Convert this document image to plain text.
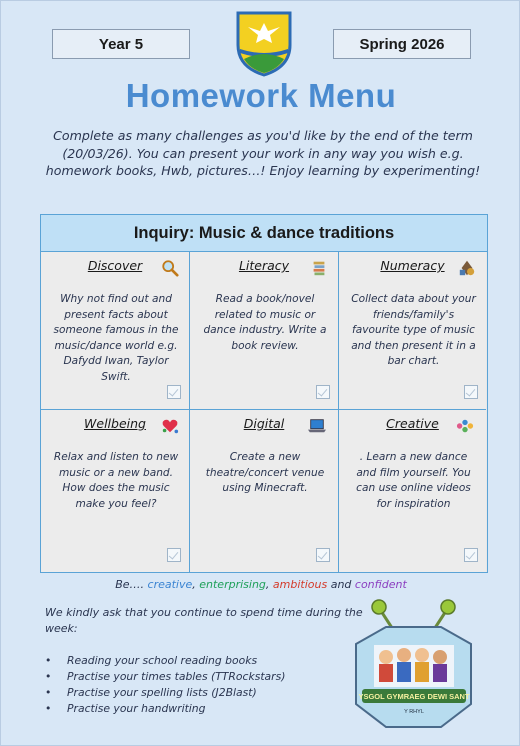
Year 5	Spring 2026
Homework Menu
Complete as many challenges as you'd like by the end of the term (20/03/26). You can present your work in any way you wish e.g. homework books, Hwb, pictures…! Enjoy learning by experimenting!
Inquiry: Music & dance traditions
Discover
Why not find out and present facts about someone famous in the music/dance world e.g. Dafydd Iwan, Taylor Swift.
Literacy
Read a book/novel related to music or dance industry. Write a book review.
Numeracy
Collect data about your friends/family's favourite type of music and then present it in a bar chart.
Wellbeing
Relax and listen to new music or a new band. How does the music make you feel?
Digital
Create a new theatre/concert venue using Minecraft.
Creative
. Learn a new dance and film yourself. You can use online videos for inspiration
Be…. creative, enterprising, ambitious and confident
We kindly ask that you continue to spend time during the week:
• Reading your school reading books
• Practise your times tables (TTRockstars)
• Practise your spelling lists (J2Blast)
• Practise your handwriting
YSGOL GYMRAEG DEWI SANT
Y RHYL
